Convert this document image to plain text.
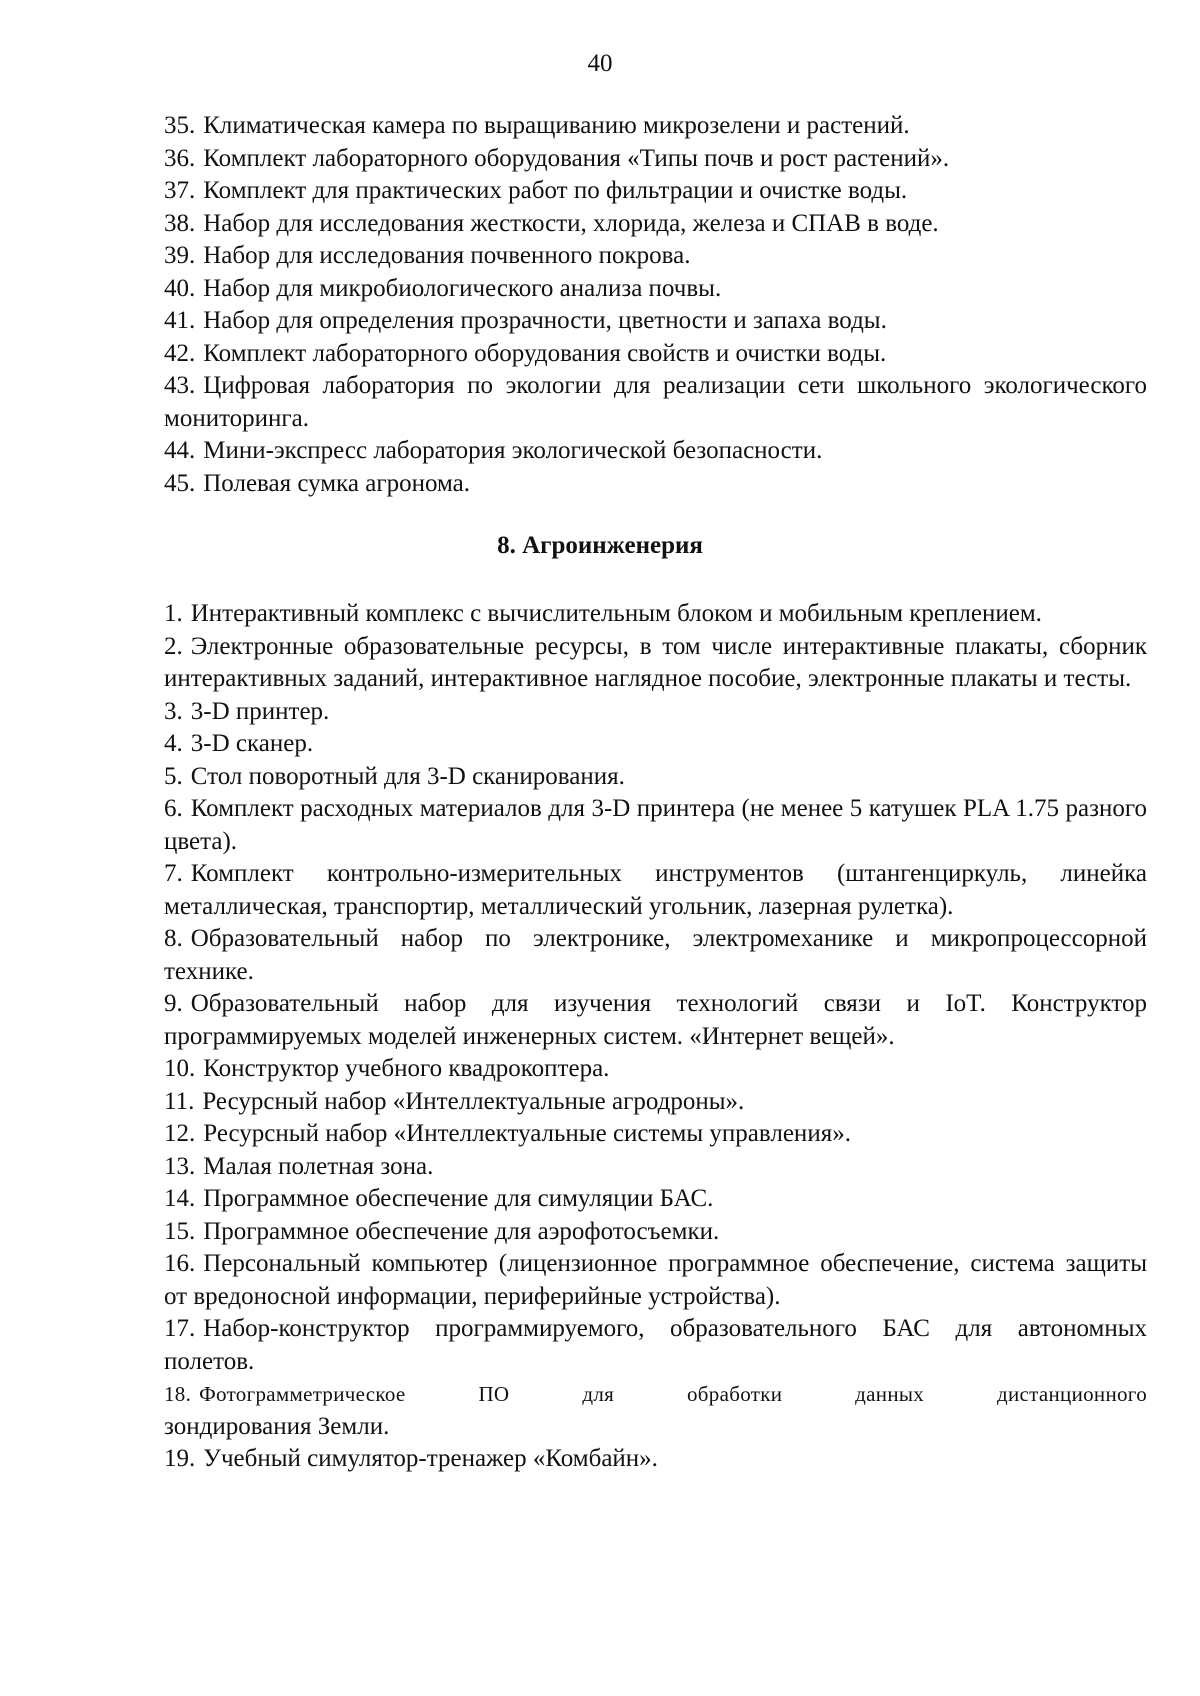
40

35. Климатическая камера по выращиванию микрозелени и растений.

36. Комплект лабораторного оборудования «Типы почв и рост растений».

37. Комплект для практических работ по фильтрации и очистке воды.

38. Набор для исследования жесткости, хлорида, железа и СПАВ в воде.

39. Набор для исследования почвенного покрова.

40. Набор для микробиологического анализа почвы.

41. Набор для определения прозрачности, цветности и запаха воды.

42. Комплект лабораторного оборудования свойств и очистки воды.

43. Цифровая лаборатория по экологии для реализации сети школьного экологического мониторинга.

44. Мини-экспресс лаборатория экологической безопасности.

45. Полевая сумка агронома.

8. Агроинженерия

1. Интерактивный комплекс с вычислительным блоком и мобильным креплением.

2. Электронные образовательные ресурсы, в том числе интерактивные плакаты, сборник интерактивных заданий, интерактивное наглядное пособие, электронные плакаты и тесты.

3. 3-D принтер.

4. 3-D сканер.

5. Стол поворотный для 3-D сканирования.

6. Комплект расходных материалов для 3-D принтера (не менее 5 катушек PLA 1.75 разного цвета).

7. Комплект контрольно-измерительных инструментов (штангенциркуль, линейка металлическая, транспортир, металлический угольник, лазерная рулетка).

8. Образовательный набор по электронике, электромеханике и микропроцессорной технике.

9. Образовательный набор для изучения технологий связи и IoT. Конструктор программируемых моделей инженерных систем. «Интернет вещей».

10. Конструктор учебного квадрокоптера.

11. Ресурсный набор «Интеллектуальные агродроны».

12. Ресурсный набор «Интеллектуальные системы управления».

13. Малая полетная зона.

14. Программное обеспечение для симуляции БАС.

15. Программное обеспечение для аэрофотосъемки.

16. Персональный компьютер (лицензионное программное обеспечение, система защиты от вредоносной информации, периферийные устройства).

17. Набор-конструктор программируемого, образовательного БАС для автономных полетов.

18. Фотограмметрическое ПО для обработки данных дистанционного
зондирования Земли.

19. Учебный симулятор-тренажер «Комбайн».
